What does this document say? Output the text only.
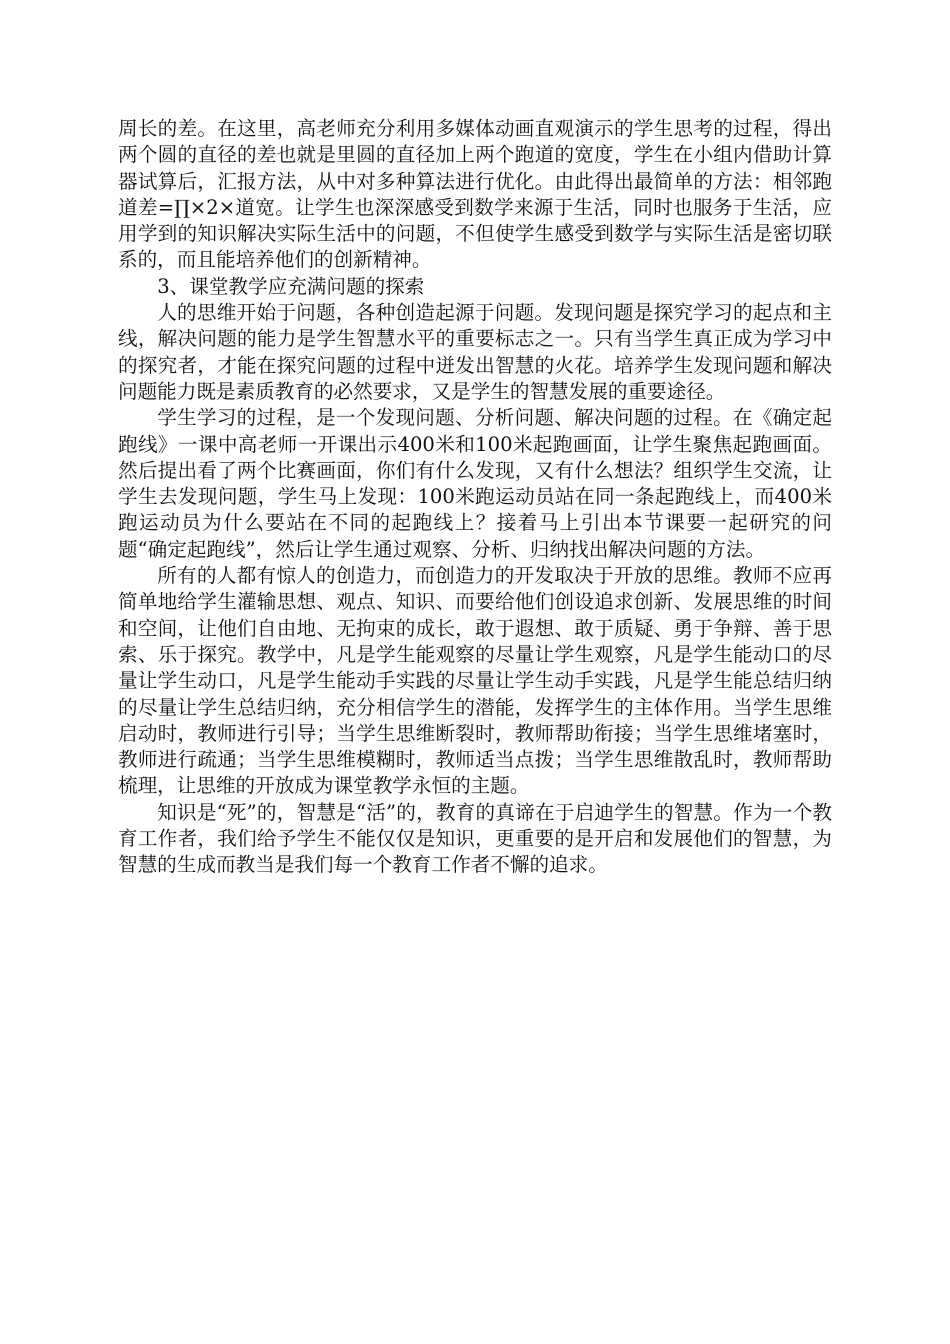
周长的差。在这里，高老师充分利用多媒体动画直观演示的学生思考的过程，得出两个圆的直径的差也就是里圆的直径加上两个跑道的宽度，学生在小组内借助计算器试算后，汇报方法，从中对多种算法进行优化。由此得出最简单的方法：相邻跑道差=∏×2×道宽。让学生也深深感受到数学来源于生活，同时也服务于生活，应用学到的知识解决实际生活中的问题，不但使学生感受到数学与实际生活是密切联系的，而且能培养他们的创新精神。

3、课堂教学应充满问题的探索

人的思维开始于问题，各种创造起源于问题。发现问题是探究学习的起点和主线，解决问题的能力是学生智慧水平的重要标志之一。只有当学生真正成为学习中的探究者，才能在探究问题的过程中迸发出智慧的火花。培养学生发现问题和解决问题能力既是素质教育的必然要求，又是学生的智慧发展的重要途径。

学生学习的过程，是一个发现问题、分析问题、解决问题的过程。在《确定起跑线》一课中高老师一开课出示400米和100米起跑画面，让学生聚焦起跑画面。然后提出看了两个比赛画面，你们有什么发现，又有什么想法？组织学生交流，让学生去发现问题，学生马上发现：100米跑运动员站在同一条起跑线上，而400米跑运动员为什么要站在不同的起跑线上？接着马上引出本节课要一起研究的问题“确定起跑线”，然后让学生通过观察、分析、归纳找出解决问题的方法。

所有的人都有惊人的创造力，而创造力的开发取决于开放的思维。教师不应再简单地给学生灌输思想、观点、知识、而要给他们创设追求创新、发展思维的时间和空间，让他们自由地、无拘束的成长，敢于遐想、敢于质疑、勇于争辩、善于思索、乐于探究。教学中，凡是学生能观察的尽量让学生观察，凡是学生能动口的尽量让学生动口，凡是学生能动手实践的尽量让学生动手实践，凡是学生能总结归纳的尽量让学生总结归纳，充分相信学生的潜能，发挥学生的主体作用。当学生思维启动时，教师进行引导；当学生思维断裂时，教师帮助衔接；当学生思维堵塞时，教师进行疏通；当学生思维模糊时，教师适当点拨；当学生思维散乱时，教师帮助梳理，让思维的开放成为课堂教学永恒的主题。

知识是“死”的，智慧是“活”的，教育的真谛在于启迪学生的智慧。作为一个教育工作者，我们给予学生不能仅仅是知识，更重要的是开启和发展他们的智慧，为智慧的生成而教当是我们每一个教育工作者不懈的追求。
